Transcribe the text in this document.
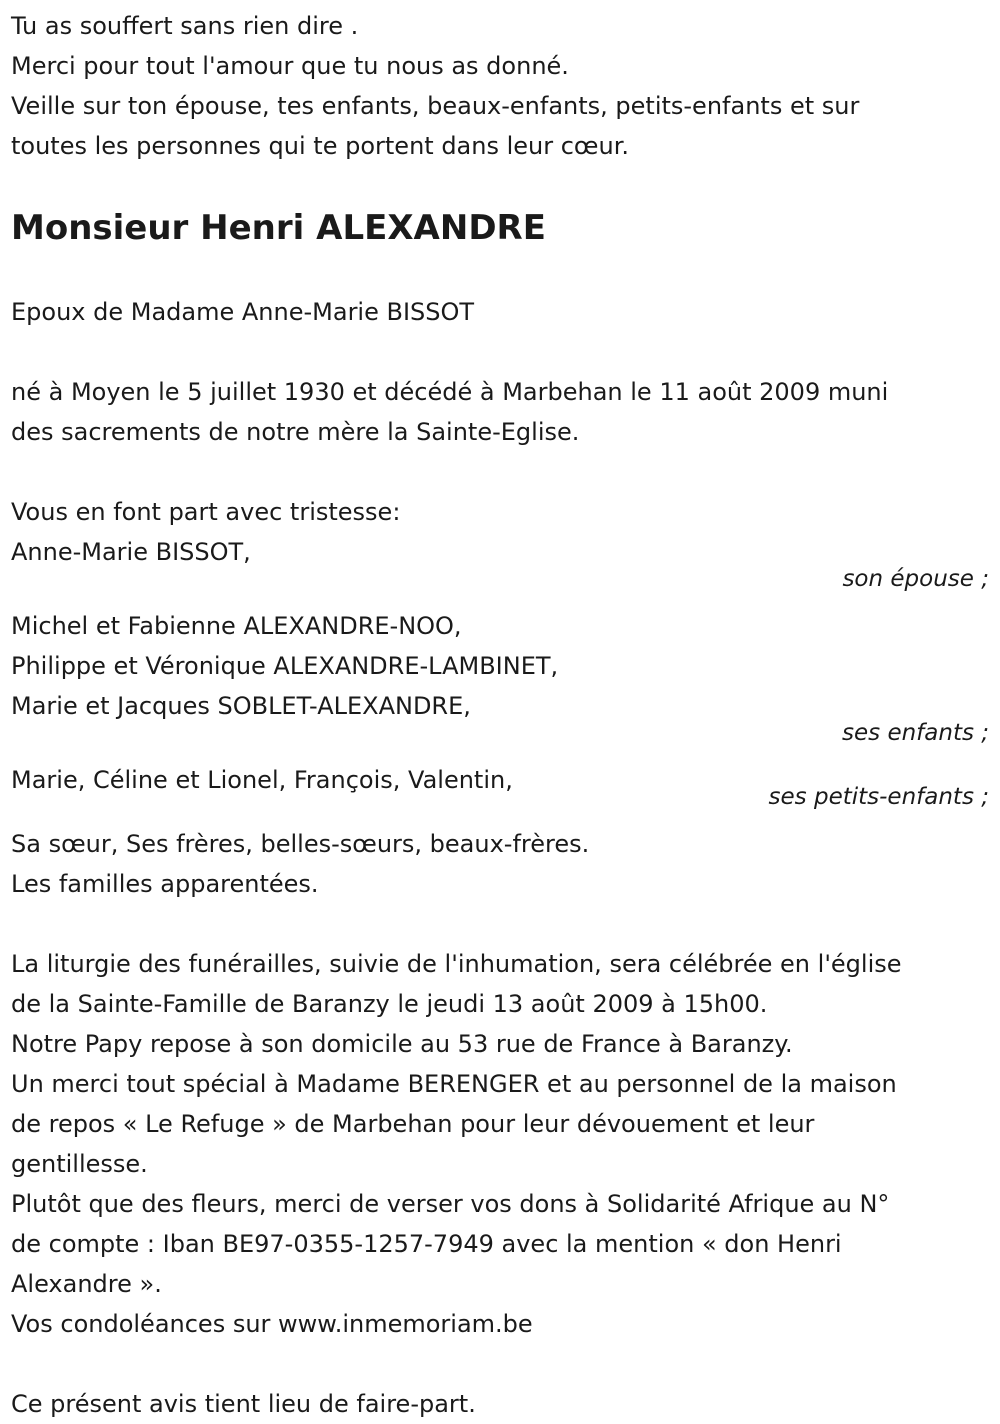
Tu as souffert sans rien dire .
Merci pour tout l'amour que tu nous as donné.
Veille sur ton épouse, tes enfants, beaux-enfants, petits-enfants et sur
toutes les personnes qui te portent dans leur cœur.
Monsieur Henri ALEXANDRE
Epoux de Madame Anne-Marie BISSOT
né à Moyen le 5 juillet 1930 et décédé à Marbehan le 11 août 2009 muni
des sacrements de notre mère la Sainte-Eglise.
Vous en font part avec tristesse:
Anne-Marie BISSOT,
son épouse ;
Michel et Fabienne ALEXANDRE-NOO,
Philippe et Véronique ALEXANDRE-LAMBINET,
Marie et Jacques SOBLET-ALEXANDRE,
ses enfants ;
Marie, Céline et Lionel, François, Valentin,
ses petits-enfants ;
Sa sœur, Ses frères, belles-sœurs, beaux-frères.
Les familles apparentées.
La liturgie des funérailles, suivie de l'inhumation, sera célébrée en l'église
de la Sainte-Famille de Baranzy le jeudi 13 août 2009 à 15h00.
Notre Papy repose à son domicile au 53 rue de France à Baranzy.
Un merci tout spécial à Madame BERENGER et au personnel de la maison
de repos « Le Refuge » de Marbehan pour leur dévouement et leur
gentillesse.
Plutôt que des fleurs, merci de verser vos dons à Solidarité Afrique au N°
de compte : Iban BE97-0355-1257-7949 avec la mention « don Henri
Alexandre ».
Vos condoléances sur www.inmemoriam.be
Ce présent avis tient lieu de faire-part.
